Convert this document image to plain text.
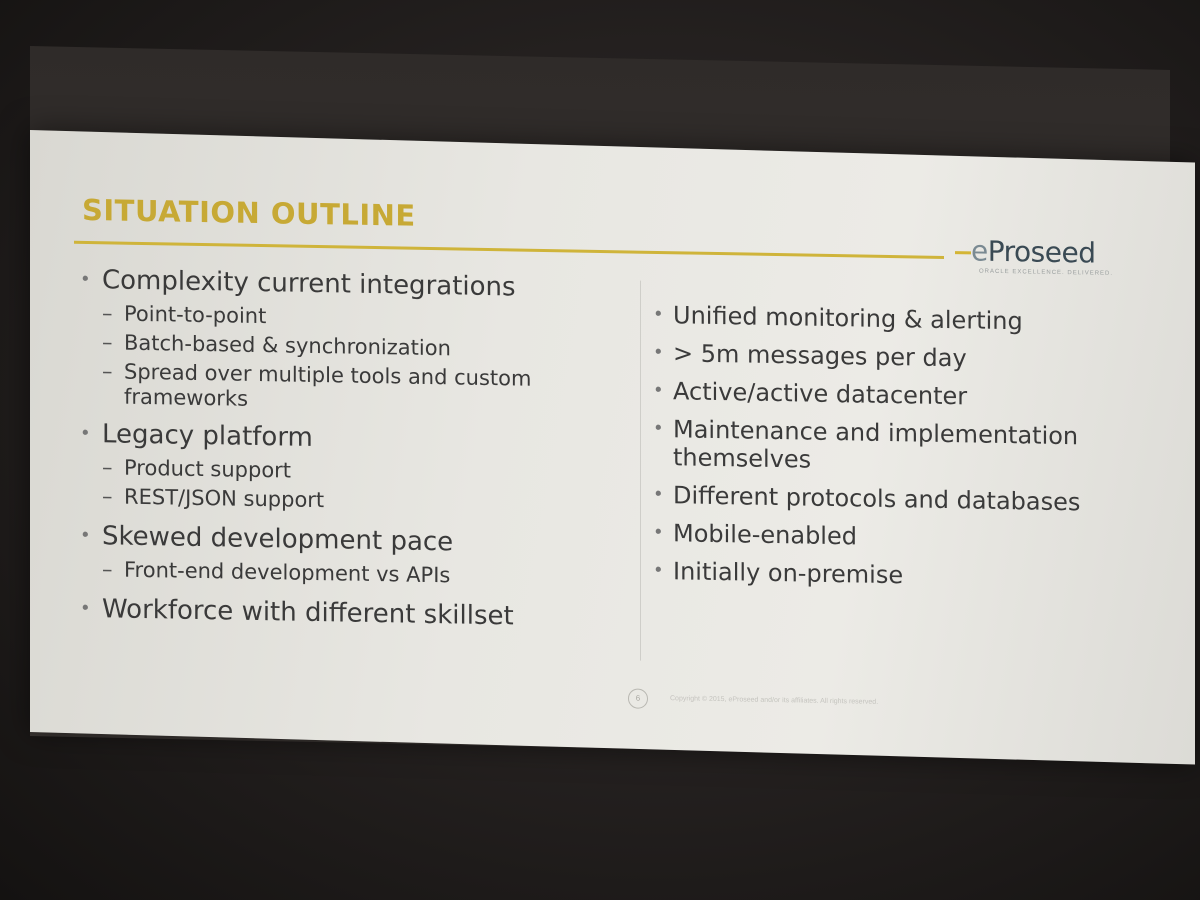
SITUATION OUTLINE
eProseed
ORACLE EXCELLENCE. DELIVERED.
• Complexity current integrations
– Point-to-point
– Batch-based & synchronization
– Spread over multiple tools and custom frameworks
• Legacy platform
– Product support
– REST/JSON support
• Skewed development pace
– Front-end development vs APIs
• Workforce with different skillset
• Unified monitoring & alerting
• > 5m messages per day
• Active/active datacenter
• Maintenance and implementation themselves
• Different protocols and databases
• Mobile-enabled
• Initially on-premise
6	Copyright © 2015, eProseed and/or its affiliates. All rights reserved.
